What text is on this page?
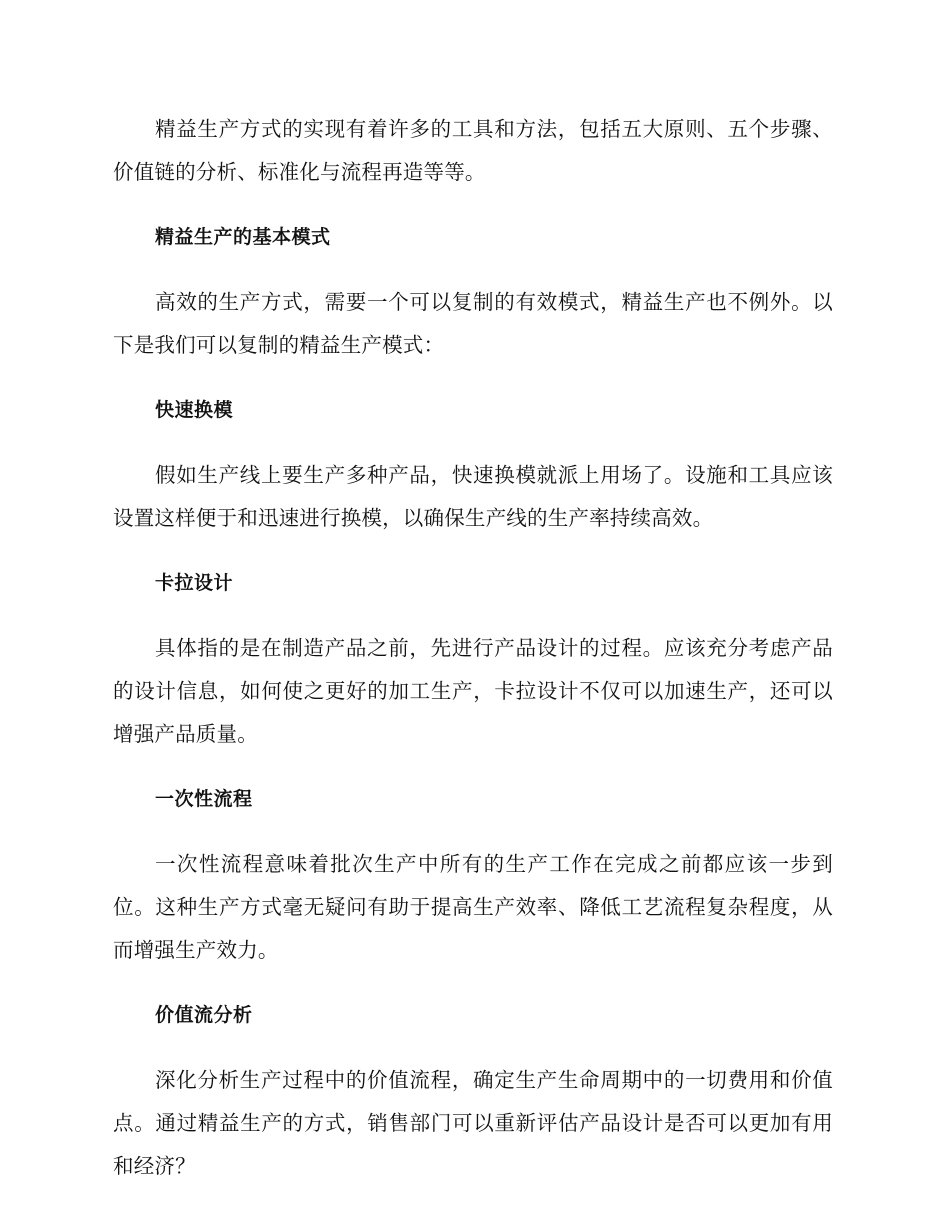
精益生产方式的实现有着许多的工具和方法，包括五大原则、五个步骤、价值链的分析、标准化与流程再造等等。

精益生产的基本模式

高效的生产方式，需要一个可以复制的有效模式，精益生产也不例外。以下是我们可以复制的精益生产模式：

快速换模

假如生产线上要生产多种产品，快速换模就派上用场了。设施和工具应该设置这样便于和迅速进行换模，以确保生产线的生产率持续高效。

卡拉设计

具体指的是在制造产品之前，先进行产品设计的过程。应该充分考虑产品的设计信息，如何使之更好的加工生产，卡拉设计不仅可以加速生产，还可以增强产品质量。

一次性流程

一次性流程意味着批次生产中所有的生产工作在完成之前都应该一步到位。这种生产方式毫无疑问有助于提高生产效率、降低工艺流程复杂程度，从而增强生产效力。

价值流分析

深化分析生产过程中的价值流程，确定生产生命周期中的一切费用和价值点。通过精益生产的方式，销售部门可以重新评估产品设计是否可以更加有用和经济？
